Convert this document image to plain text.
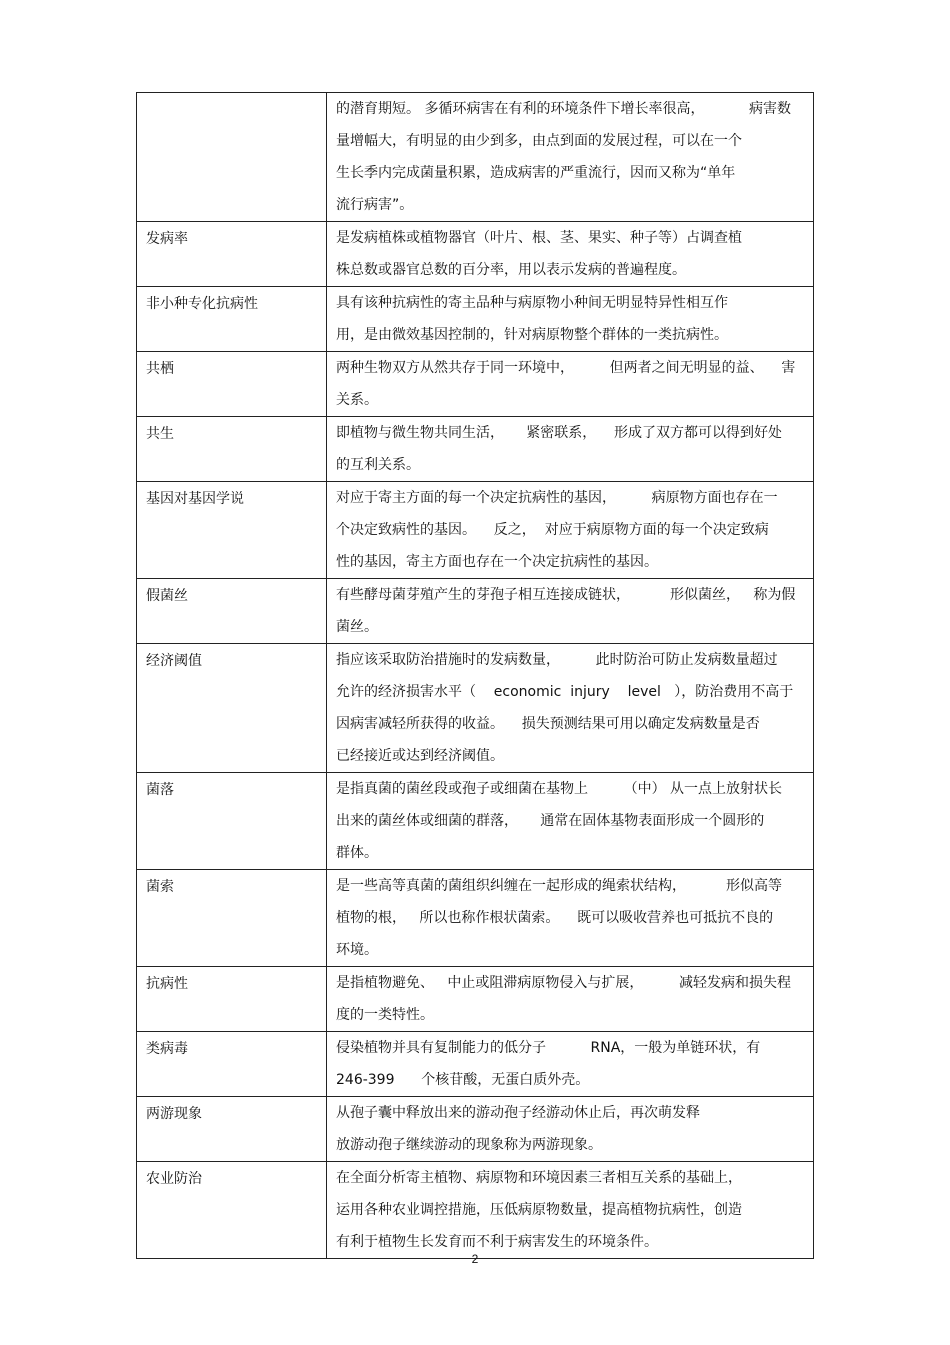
	的潜育期短。 多循环病害在有利的环境条件下增长率很高，          病害数
量增幅大，有明显的由少到多，由点到面的发展过程，可以在一个
生长季内完成菌量积累，造成病害的严重流行，因而又称为“单年
流行病害”。

发病率	是发病植株或植物器官（叶片、根、茎、果实、种子等）占调查植
株总数或器官总数的百分率，用以表示发病的普遍程度。

非小种专化抗病性	具有该种抗病性的寄主品种与病原物小种间无明显特异性相互作
用，是由微效基因控制的，针对病原物整个群体的一类抗病性。

共栖	两种生物双方从然共存于同一环境中，        但两者之间无明显的益、    害
关系。

共生	即植物与微生物共同生活，     紧密联系，    形成了双方都可以得到好处
的互利关系。

基因对基因学说	对应于寄主方面的每一个决定抗病性的基因，        病原物方面也存在一
个决定致病性的基因。    反之，  对应于病原物方面的每一个决定致病
性的基因，寄主方面也存在一个决定抗病性的基因。

假菌丝	有些酵母菌芽殖产生的芽孢子相互连接成链状，         形似菌丝，   称为假
菌丝。

经济阈值	指应该采取防治措施时的发病数量，        此时防治可防止发病数量超过
允许的经济损害水平（    economic  injury    level   ），防治费用不高于
因病害减轻所获得的收益。    损失预测结果可用以确定发病数量是否
已经接近或达到经济阈值。

菌落	是指真菌的菌丝段或孢子或细菌在基物上        （中） 从一点上放射状长
出来的菌丝体或细菌的群落，     通常在固体基物表面形成一个圆形的
群体。

菌索	是一些高等真菌的菌组织纠缠在一起形成的绳索状结构，         形似高等
植物的根，   所以也称作根状菌索。    既可以吸收营养也可抵抗不良的
环境。

抗病性	是指植物避免、   中止或阻滞病原物侵入与扩展，        减轻发病和损失程
度的一类特性。

类病毒	侵染植物并具有复制能力的低分子          RNA，一般为单链环状，有
246-399      个核苷酸，无蛋白质外壳。

两游现象	从孢子囊中释放出来的游动孢子经游动休止后，再次萌发释
放游动孢子继续游动的现象称为两游现象。

农业防治	在全面分析寄主植物、病原物和环境因素三者相互关系的基础上，
运用各种农业调控措施，压低病原物数量，提高植物抗病性，创造
有利于植物生长发育而不利于病害发生的环境条件。
2
